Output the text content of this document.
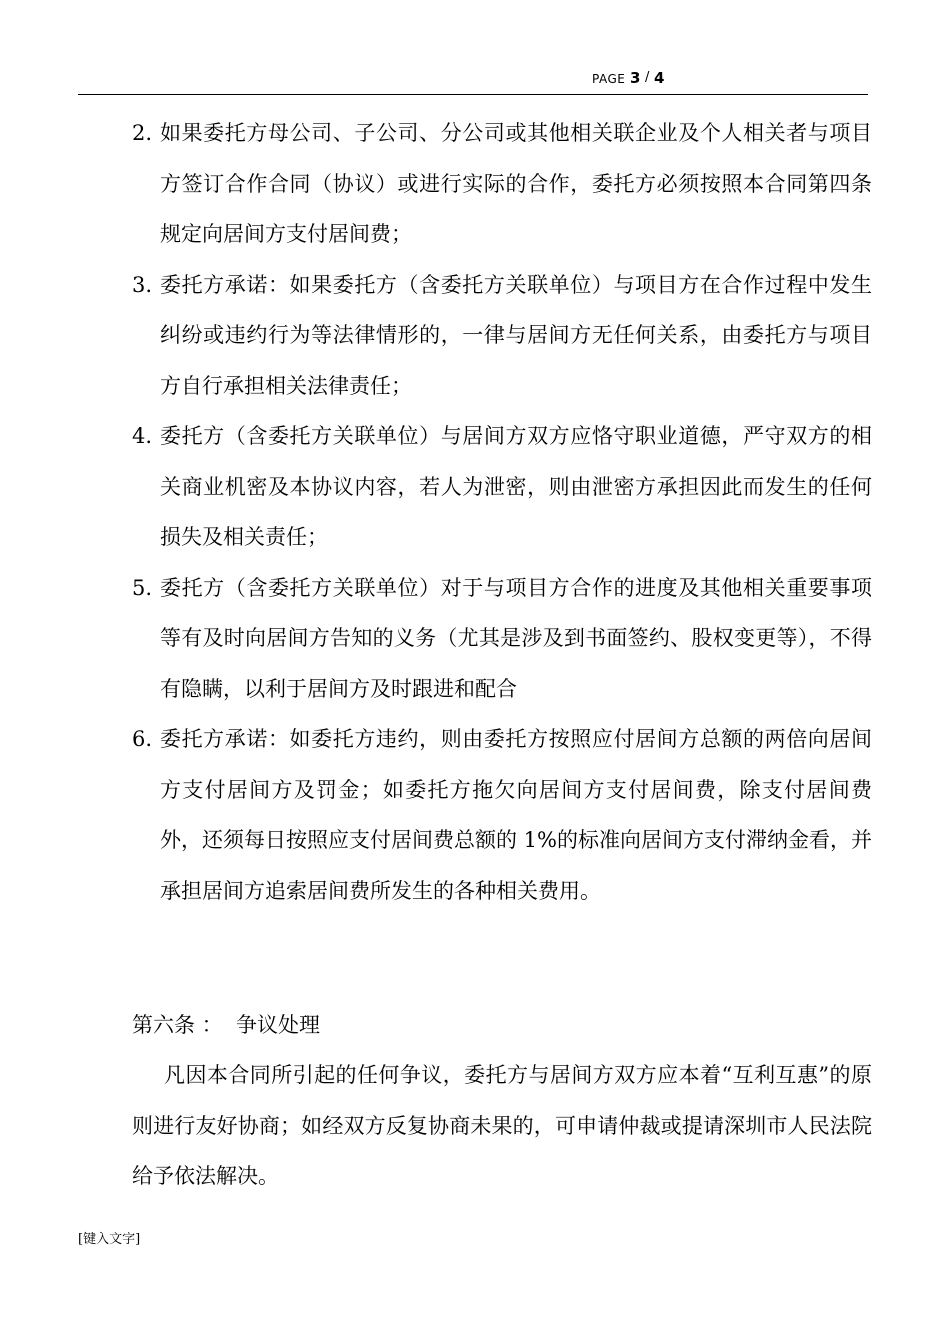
PAGE 3 / 4
2. 如果委托方母公司、子公司、分公司或其他相关联企业及个人相关者与项目方签订合作合同（协议）或进行实际的合作，委托方必须按照本合同第四条规定向居间方支付居间费；
3. 委托方承诺：如果委托方（含委托方关联单位）与项目方在合作过程中发生纠纷或违约行为等法律情形的，一律与居间方无任何关系，由委托方与项目方自行承担相关法律责任；
4. 委托方（含委托方关联单位）与居间方双方应恪守职业道德，严守双方的相关商业机密及本协议内容，若人为泄密，则由泄密方承担因此而发生的任何损失及相关责任；
5. 委托方（含委托方关联单位）对于与项目方合作的进度及其他相关重要事项等有及时向居间方告知的义务（尤其是涉及到书面签约、股权变更等），不得有隐瞒，以利于居间方及时跟进和配合
6. 委托方承诺：如委托方违约，则由委托方按照应付居间方总额的两倍向居间方支付居间方及罚金；如委托方拖欠向居间方支付居间费，除支付居间费外，还须每日按照应支付居间费总额的 1%的标准向居间方支付滞纳金看，并承担居间方追索居间费所发生的各种相关费用。
第六条 ：  争议处理
凡因本合同所引起的任何争议，委托方与居间方双方应本着“互利互惠”的原则进行友好协商；如经双方反复协商未果的，可申请仲裁或提请深圳市人民法院给予依法解决。
[键入文字]
